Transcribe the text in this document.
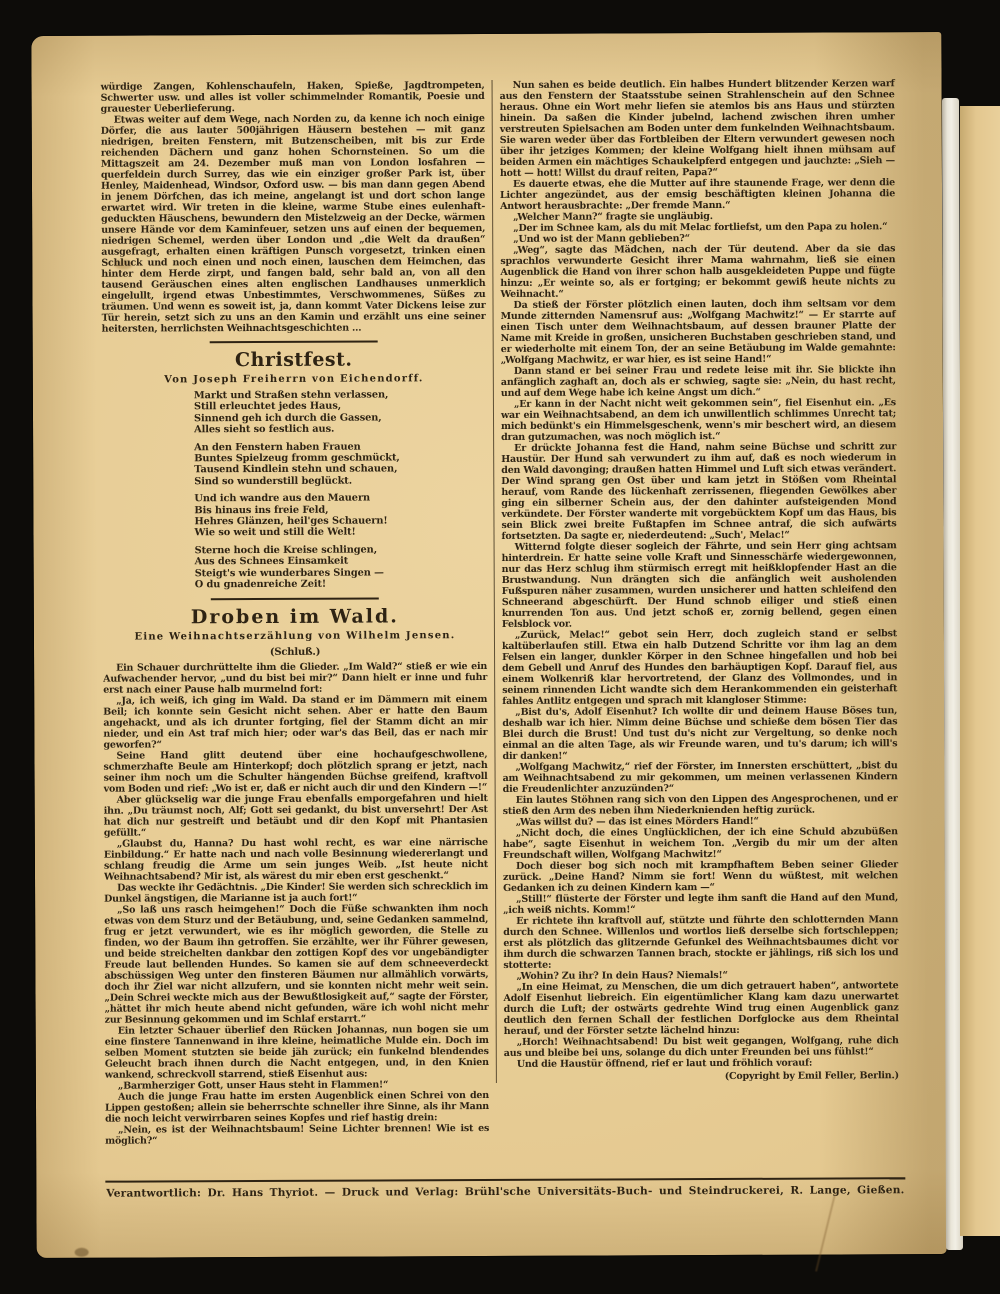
würdige Zangen, Kohlenschaufeln, Haken, Spieße, Jagdtrompeten, Schwerter usw. und alles ist voller schimmelnder Romantik, Poesie und grauester Ueberlieferung.

Etwas weiter auf dem Wege, nach Norden zu, da kenne ich noch einige Dörfer, die aus lauter 500jährigen Häusern bestehen — mit ganz niedrigen, breiten Fenstern, mit Butzenscheiben, mit bis zur Erde reichenden Dächern und ganz hohen Schornsteinen. So um die Mittagszeit am 24. Dezember muß man von London losfahren — querfeldein durch Surrey, das wie ein einziger großer Park ist, über Henley, Maidenhead, Windsor, Oxford usw. — bis man dann gegen Abend in jenem Dörfchen, das ich meine, angelangt ist und dort schon lange erwartet wird. Wir treten in die kleine, warme Stube eines eulenhaft-geduckten Häuschens, bewundern den Mistelzweig an der Decke, wärmen unsere Hände vor dem Kaminfeuer, setzen uns auf einen der bequemen, niedrigen Schemel, werden über London und „die Welt da draußen“ ausgefragt, erhalten einen kräftigen Punsch vorgesetzt, trinken einen Schluck und noch einen und noch einen, lauschen dem Heimchen, das hinter dem Herde zirpt, und fangen bald, sehr bald an, von all den tausend Geräuschen eines alten englischen Landhauses unmerklich eingelullt, irgend etwas Unbestimmtes, Verschwommenes, Süßes zu träumen. Und wenn es soweit ist, ja, dann kommt Vater Dickens leise zur Tür herein, setzt sich zu uns an den Kamin und erzählt uns eine seiner heitersten, herrlichsten Weihnachtsgeschichten ...

Christfest.
Von Joseph Freiherrn von Eichendorff.
Markt und Straßen stehn verlassen,
Still erleuchtet jedes Haus,
Sinnend geh ich durch die Gassen,
Alles sieht so festlich aus.
An den Fenstern haben Frauen
Buntes Spielzeug fromm geschmückt,
Tausend Kindlein stehn und schauen,
Sind so wunderstill beglückt.
Und ich wandre aus den Mauern
Bis hinaus ins freie Feld,
Hehres Glänzen, heil'ges Schauern!
Wie so weit und still die Welt!
Sterne hoch die Kreise schlingen,
Aus des Schnees Einsamkeit
Steigt's wie wunderbares Singen —
O du gnadenreiche Zeit!
Droben im Wald.
Eine Weihnachtserzählung von Wilhelm Jensen.
(Schluß.)

Ein Schauer durchrüttelte ihm die Glieder. „Im Wald?“ stieß er wie ein Aufwachender hervor, „und du bist bei mir?“ Dann hielt er inne und fuhr erst nach einer Pause halb murmelnd fort:

„Ja, ich weiß, ich ging im Wald. Da stand er im Dämmern mit einem Beil; ich konnte sein Gesicht nicht sehen. Aber er hatte den Baum angehackt, und als ich drunter fortging, fiel der Stamm dicht an mir nieder, und ein Ast traf mich hier; oder war's das Beil, das er nach mir geworfen?“

Seine Hand glitt deutend über eine hochaufgeschwollene, schmerzhafte Beule am Hinterkopf; doch plötzlich sprang er jetzt, nach seiner ihm noch um die Schulter hängenden Büchse greifend, kraftvoll vom Boden und rief: „Wo ist er, daß er nicht auch dir und den Kindern —!“

Aber glückselig war die junge Frau ebenfalls emporgefahren und hielt ihn. „Du träumst noch, Alf; Gott sei gedankt, du bist unversehrt! Der Ast hat dich nur gestreift und betäubt und dir den Kopf mit Phantasien gefüllt.“

„Glaubst du, Hanna? Du hast wohl recht, es war eine närrische Einbildung.“ Er hatte nach und nach volle Besinnung wiedererlangt und schlang freudig die Arme um sein junges Weib. „Ist heute nicht Weihnachtsabend? Mir ist, als wärest du mir eben erst geschenkt.“

Das weckte ihr Gedächtnis. „Die Kinder! Sie werden sich schrecklich im Dunkel ängstigen, die Marianne ist ja auch fort!“

„So laß uns rasch heimgehen!“ Doch die Füße schwankten ihm noch etwas von dem Sturz und der Betäubung, und, seine Gedanken sammelnd, frug er jetzt verwundert, wie es ihr möglich geworden, die Stelle zu finden, wo der Baum ihn getroffen. Sie erzählte, wer ihr Führer gewesen, und beide streichelten dankbar den zottigen Kopf des vor ungebändigter Freude laut bellenden Hundes. So kamen sie auf dem schneeverdeckt abschüssigen Weg unter den finsteren Bäumen nur allmählich vorwärts, doch ihr Ziel war nicht allzufern, und sie konnten nicht mehr weit sein. „Dein Schrei weckte mich aus der Bewußtlosigkeit auf,“ sagte der Förster, „hättet ihr mich heute abend nicht gefunden, wäre ich wohl nicht mehr zur Besinnung gekommen und im Schlaf erstarrt.“

Ein letzter Schauer überlief den Rücken Johannas, nun bogen sie um eine finstere Tannenwand in ihre kleine, heimatliche Mulde ein. Doch im selben Moment stutzten sie beide jäh zurück; ein funkelnd blendendes Geleucht brach ihnen durch die Nacht entgegen, und, in den Knien wankend, schreckvoll starrend, stieß Eisenhut aus:

„Barmherziger Gott, unser Haus steht in Flammen!“

Auch die junge Frau hatte im ersten Augenblick einen Schrei von den Lippen gestoßen; allein sie beherrschte schneller ihre Sinne, als ihr Mann die noch leicht verwirrbaren seines Kopfes und rief hastig drein:

„Nein, es ist der Weihnachtsbaum! Seine Lichter brennen! Wie ist es möglich?“

Nun sahen es beide deutlich. Ein halbes Hundert blitzender Kerzen warf aus den Fenstern der Staatsstube seinen Strahlenschein auf den Schnee heraus. Ohne ein Wort mehr liefen sie atemlos bis ans Haus und stürzten hinein. Da saßen die Kinder jubelnd, lachend zwischen ihren umher verstreuten Spielsachen am Boden unter dem funkelnden Weihnachtsbaum. Sie waren weder über das Fortbleiben der Eltern verwundert gewesen noch über ihr jetziges Kommen; der kleine Wolfgang hielt ihnen mühsam auf beiden Armen ein mächtiges Schaukelpferd entgegen und jauchzte: „Sieh — hott — hott! Willst du drauf reiten, Papa?“

Es dauerte etwas, ehe die Mutter auf ihre staunende Frage, wer denn die Lichter angezündet, aus der emsig beschäftigten kleinen Johanna die Antwort herausbrachte: „Der fremde Mann.“

„Welcher Mann?“ fragte sie ungläubig.

„Der im Schnee kam, als du mit Melac fortliefst, um den Papa zu holen.“

„Und wo ist der Mann geblieben?“

„Weg“, sagte das Mädchen, nach der Tür deutend. Aber da sie das sprachlos verwunderte Gesicht ihrer Mama wahrnahm, ließ sie einen Augenblick die Hand von ihrer schon halb ausgekleideten Puppe und fügte hinzu: „Er weinte so, als er fortging; er bekommt gewiß heute nichts zu Weihnacht.“

Da stieß der Förster plötzlich einen lauten, doch ihm seltsam vor dem Munde zitternden Namensruf aus: „Wolfgang Machwitz!“ — Er starrte auf einen Tisch unter dem Weihnachtsbaum, auf dessen brauner Platte der Name mit Kreide in großen, unsicheren Buchstaben geschrieben stand, und er wiederholte mit einem Ton, der an seine Betäubung im Walde gemahnte: „Wolfgang Machwitz, er war hier, es ist seine Hand!“

Dann stand er bei seiner Frau und redete leise mit ihr. Sie blickte ihn anfänglich zaghaft an, doch als er schwieg, sagte sie: „Nein, du hast recht, und auf dem Wege habe ich keine Angst um dich.“

„Er kann in der Nacht nicht weit gekommen sein“, fiel Eisenhut ein. „Es war ein Weihnachtsabend, an dem ich unwillentlich schlimmes Unrecht tat; mich bedünkt's ein Himmelsgeschenk, wenn's mir beschert wird, an diesem dran gutzumachen, was noch möglich ist.“

Er drückte Johanna fest die Hand, nahm seine Büchse und schritt zur Haustür. Der Hund sah verwundert zu ihm auf, daß es noch wiederum in den Wald davonging; draußen hatten Himmel und Luft sich etwas verändert. Der Wind sprang gen Ost über und kam jetzt in Stößen vom Rheintal herauf, vom Rande des lückenhaft zerrissenen, fliegenden Gewölkes aber ging ein silberner Schein aus, der den dahinter aufsteigenden Mond verkündete. Der Förster wanderte mit vorgebücktem Kopf um das Haus, bis sein Blick zwei breite Fußtapfen im Schnee antraf, die sich aufwärts fortsetzten. Da sagte er, niederdeutend: „Such', Melac!“

Witternd folgte dieser sogleich der Fährte, und sein Herr ging achtsam hinterdrein. Er hatte seine volle Kraft und Sinnesschärfe wiedergewonnen, nur das Herz schlug ihm stürmisch erregt mit heißklopfender Hast an die Brustwandung. Nun drängten sich die anfänglich weit ausholenden Fußspuren näher zusammen, wurden unsicherer und hatten schleifend den Schneerand abgeschürft. Der Hund schnob eiliger und stieß einen knurrenden Ton aus. Und jetzt schoß er, zornig bellend, gegen einen Felsblock vor.

„Zurück, Melac!“ gebot sein Herr, doch zugleich stand er selbst kaltüberlaufen still. Etwa ein halb Dutzend Schritte vor ihm lag an dem Felsen ein langer, dunkler Körper in den Schnee hingefallen und hob bei dem Gebell und Anruf des Hundes den barhäuptigen Kopf. Darauf fiel, aus einem Wolkenriß klar hervortretend, der Glanz des Vollmondes, und in seinem rinnenden Licht wandte sich dem Herankommenden ein geisterhaft fahles Antlitz entgegen und sprach mit klangloser Stimme:

„Bist du's, Adolf Eisenhut? Ich wollte dir und deinem Hause Böses tun, deshalb war ich hier. Nimm deine Büchse und schieße dem bösen Tier das Blei durch die Brust! Und tust du's nicht zur Vergeltung, so denke noch einmal an die alten Tage, als wir Freunde waren, und tu's darum; ich will's dir danken!“

„Wolfgang Machwitz,“ rief der Förster, im Innersten erschüttert, „bist du am Weihnachtsabend zu mir gekommen, um meinen verlassenen Kindern die Freudenlichter anzuzünden?“

Ein lautes Stöhnen rang sich von den Lippen des Angesprochenen, und er stieß den Arm des neben ihm Niederknienden heftig zurück.

„Was willst du? — das ist eines Mörders Hand!“

„Nicht doch, die eines Unglücklichen, der ich eine Schuld abzubüßen habe“, sagte Eisenhut in weichem Ton. „Vergib du mir um der alten Freundschaft willen, Wolfgang Machwitz!“

Doch dieser bog sich noch mit krampfhaftem Beben seiner Glieder zurück. „Deine Hand? Nimm sie fort! Wenn du wüßtest, mit welchen Gedanken ich zu deinen Kindern kam —“

„Still!“ flüsterte der Förster und legte ihm sanft die Hand auf den Mund, „ich weiß nichts. Komm!“

Er richtete ihn kraftvoll auf, stützte und führte den schlotternden Mann durch den Schnee. Willenlos und wortlos ließ derselbe sich fortschleppen; erst als plötzlich das glitzernde Gefunkel des Weihnachtsbaumes dicht vor ihm durch die schwarzen Tannen brach, stockte er jählings, riß sich los und stotterte:

„Wohin? Zu ihr? In dein Haus? Niemals!“

„In eine Heimat, zu Menschen, die um dich getrauert haben“, antwortete Adolf Eisenhut liebreich. Ein eigentümlicher Klang kam dazu unerwartet durch die Luft; der ostwärts gedrehte Wind trug einen Augenblick ganz deutlich den fernen Schall der festlichen Dorfglocke aus dem Rheintal herauf, und der Förster setzte lächelnd hinzu:

„Horch! Weihnachtsabend! Du bist weit gegangen, Wolfgang, ruhe dich aus und bleibe bei uns, solange du dich unter Freunden bei uns fühlst!“

Und die Haustür öffnend, rief er laut und fröhlich vorauf:

(Copyright by Emil Feller, Berlin.)

Verantwortlich: Dr. Hans Thyriot. — Druck und Verlag: Brühl'sche Universitäts-Buch- und Steindruckerei, R. Lange, Gießen.
